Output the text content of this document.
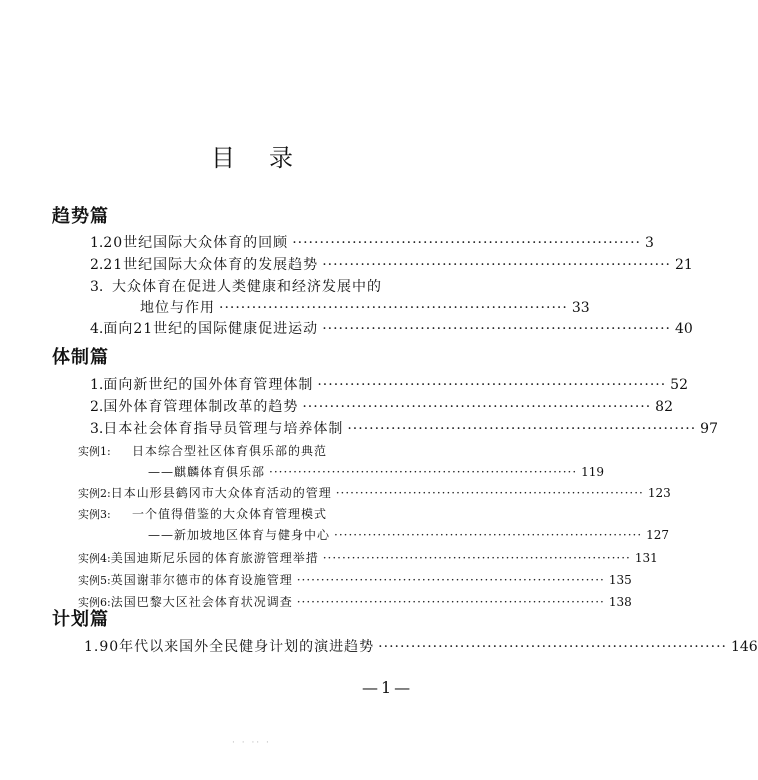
目录
趋势篇
1. 20世纪国际大众体育的回顾 ································································ 3
2. 21世纪国际大众体育的发展趋势 ································································ 21
3. 大众体育在促进人类健康和经济发展中的
地位与作用 ································································ 33
4. 面向21世纪的国际健康促进运动 ································································ 40
体制篇
1. 面向新世纪的国外体育管理体制 ································································ 52
2. 国外体育管理体制改革的趋势 ································································ 82
3. 日本社会体育指导员管理与培养体制 ································································ 97
实例1:	日本综合型社区体育俱乐部的典范
——麒麟体育俱乐部 ································································ 119
实例2: 日本山形县鹤冈市大众体育活动的管理 ································································ 123
实例3:	一个值得借鉴的大众体育管理模式
——新加坡地区体育与健身中心 ································································ 127
实例4: 美国迪斯尼乐园的体育旅游管理举措 ································································ 131
实例5: 英国谢菲尔德市的体育设施管理 ································································ 135
实例6: 法国巴黎大区社会体育状况调查 ································································ 138
计划篇
1.90年代以来国外全民健身计划的演进趋势 ································································ 146
—1—
· · ·· ·
